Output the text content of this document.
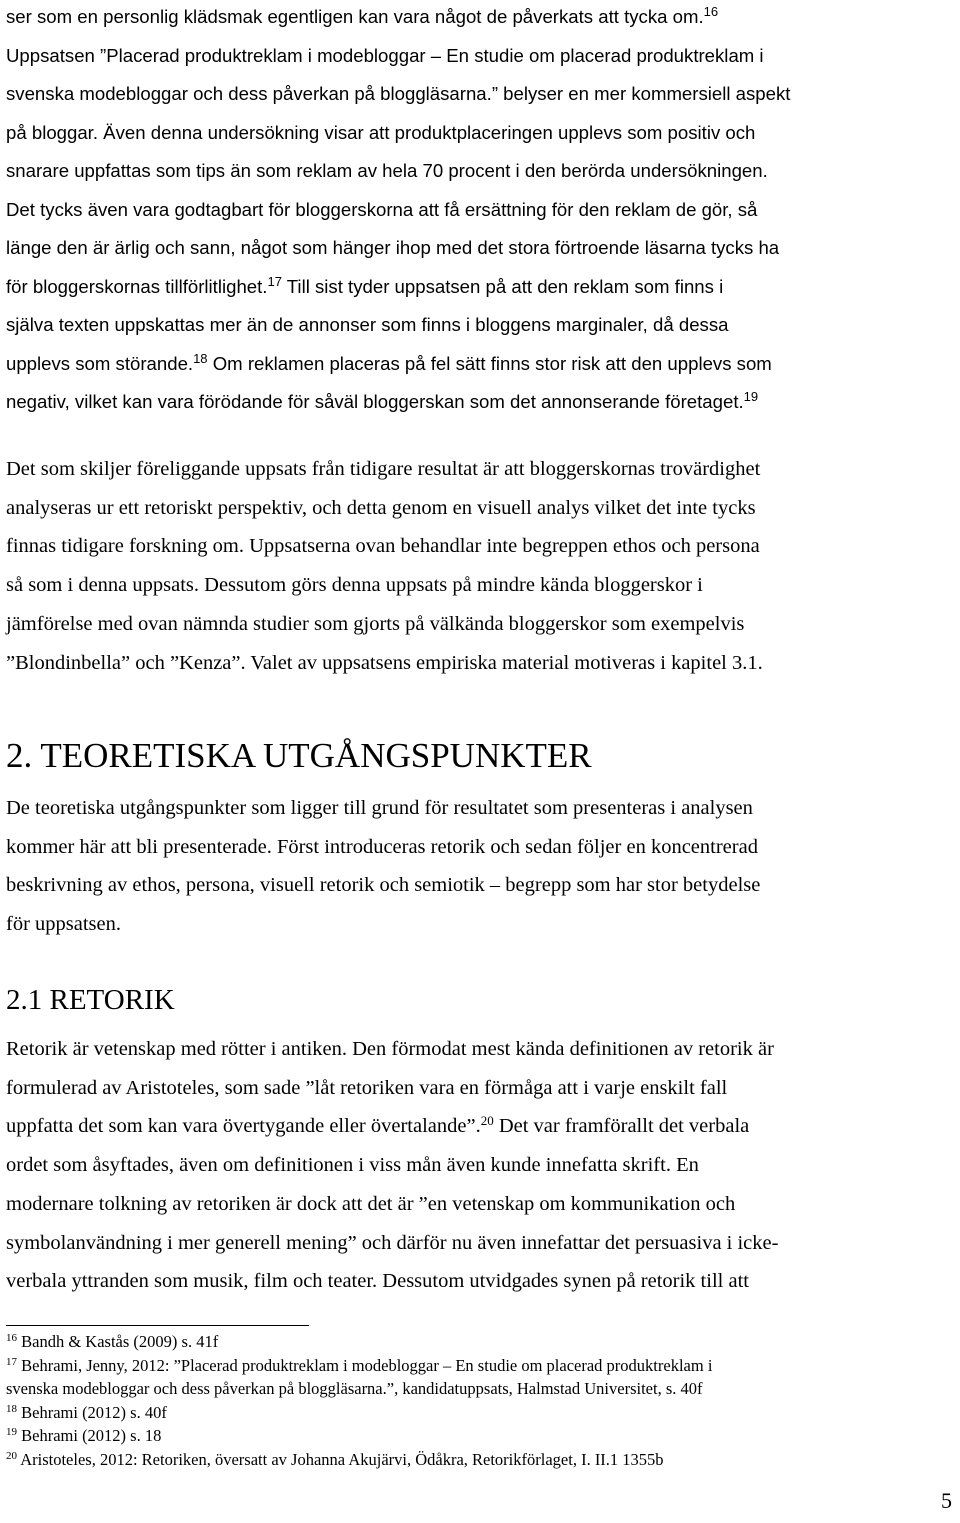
ser som en personlig klädsmak egentligen kan vara något de påverkats att tycka om.$^{16}$
Uppsatsen ”Placerad produktreklam i modebloggar – En studie om placerad produktreklam i
svenska modebloggar och dess påverkan på bloggläsarna.” belyser en mer kommersiell aspekt
på bloggar. Även denna undersökning visar att produktplaceringen upplevs som positiv och
snarare uppfattas som tips än som reklam av hela 70 procent i den berörda undersökningen.
Det tycks även vara godtagbart för bloggerskorna att få ersättning för den reklam de gör, så
länge den är ärlig och sann, något som hänger ihop med det stora förtroende läsarna tycks ha
för bloggerskornas tillförlitlighet.$^{17}$ Till sist tyder uppsatsen på att den reklam som finns i
själva texten uppskattas mer än de annonser som finns i bloggens marginaler, då dessa
upplevs som störande.$^{18}$ Om reklamen placeras på fel sätt finns stor risk att den upplevs som
negativ, vilket kan vara förödande för såväl bloggerskan som det annonserande företaget.$^{19}$

Det som skiljer föreliggande uppsats från tidigare resultat är att bloggerskornas trovärdighet
analyseras ur ett retoriskt perspektiv, och detta genom en visuell analys vilket det inte tycks
finnas tidigare forskning om. Uppsatserna ovan behandlar inte begreppen ethos och persona
så som i denna uppsats. Dessutom görs denna uppsats på mindre kända bloggerskor i
jämförelse med ovan nämnda studier som gjorts på välkända bloggerskor som exempelvis
”Blondinbella” och ”Kenza”. Valet av uppsatsens empiriska material motiveras i kapitel 3.1.

2. TEORETISKA UTGÅNGSPUNKTER

De teoretiska utgångspunkter som ligger till grund för resultatet som presenteras i analysen
kommer här att bli presenterade. Först introduceras retorik och sedan följer en koncentrerad
beskrivning av ethos, persona, visuell retorik och semiotik – begrepp som har stor betydelse
för uppsatsen.

2.1 RETORIK

Retorik är vetenskap med rötter i antiken. Den förmodat mest kända definitionen av retorik är
formulerad av Aristoteles, som sade ”låt retoriken vara en förmåga att i varje enskilt fall
uppfatta det som kan vara övertygande eller övertalande”.$^{20}$ Det var framförallt det verbala
ordet som åsyftades, även om definitionen i viss mån även kunde innefatta skrift. En
modernare tolkning av retoriken är dock att det är ”en vetenskap om kommunikation och
symbolanvändning i mer generell mening” och därför nu även innefattar det persuasiva i icke-
verbala yttranden som musik, film och teater. Dessutom utvidgades synen på retorik till att

$^{16}$ Bandh & Kastås (2009) s. 41f

$^{17}$ Behrami, Jenny, 2012: ”Placerad produktreklam i modebloggar – En studie om placerad produktreklam i

svenska modebloggar och dess påverkan på bloggläsarna.”, kandidatuppsats, Halmstad Universitet, s. 40f

$^{18}$ Behrami (2012) s. 40f

$^{19}$ Behrami (2012) s. 18

$^{20}$ Aristoteles, 2012: Retoriken, översatt av Johanna Akujärvi, Ödåkra, Retorikförlaget, I. II.1 1355b

5
